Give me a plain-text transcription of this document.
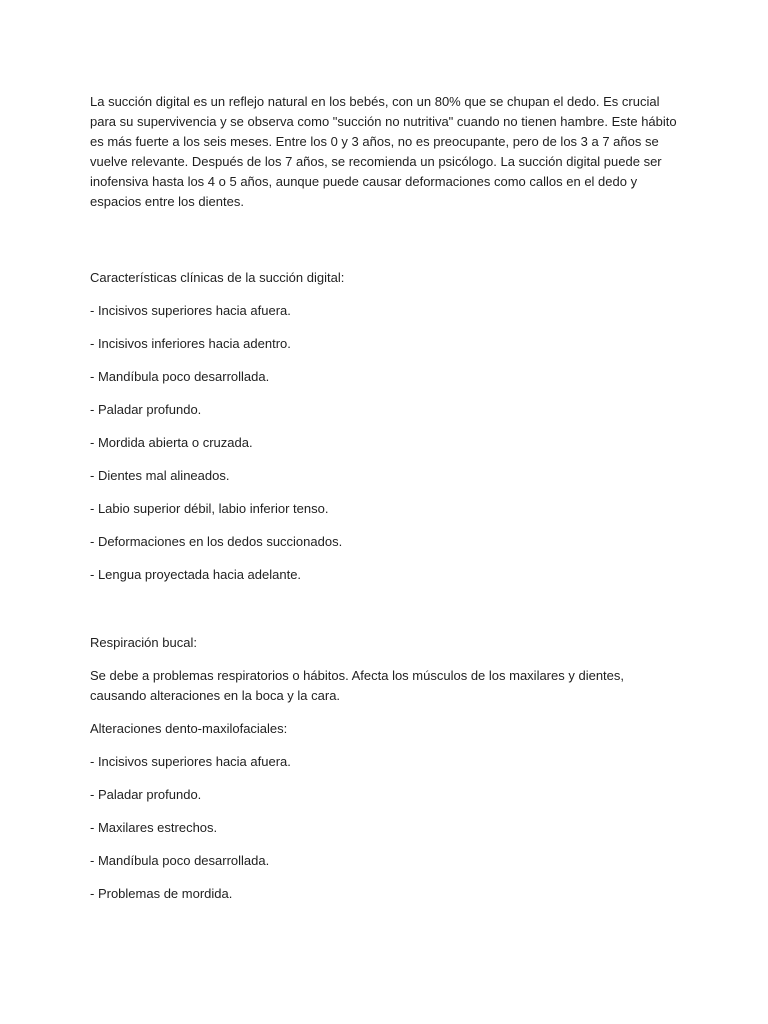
La succión digital es un reflejo natural en los bebés, con un 80% que se chupan el dedo. Es crucial para su supervivencia y se observa como "succión no nutritiva" cuando no tienen hambre. Este hábito es más fuerte a los seis meses. Entre los 0 y 3 años, no es preocupante, pero de los 3 a 7 años se vuelve relevante. Después de los 7 años, se recomienda un psicólogo. La succión digital puede ser inofensiva hasta los 4 o 5 años, aunque puede causar deformaciones como callos en el dedo y espacios entre los dientes.

Características clínicas de la succión digital:

- Incisivos superiores hacia afuera.

- Incisivos inferiores hacia adentro.

- Mandíbula poco desarrollada.

- Paladar profundo.

- Mordida abierta o cruzada.

- Dientes mal alineados.

- Labio superior débil, labio inferior tenso.

- Deformaciones en los dedos succionados.

- Lengua proyectada hacia adelante.

Respiración bucal:

Se debe a problemas respiratorios o hábitos. Afecta los músculos de los maxilares y dientes, causando alteraciones en la boca y la cara.

Alteraciones dento-maxilofaciales:

- Incisivos superiores hacia afuera.

- Paladar profundo.

- Maxilares estrechos.

- Mandíbula poco desarrollada.

- Problemas de mordida.
